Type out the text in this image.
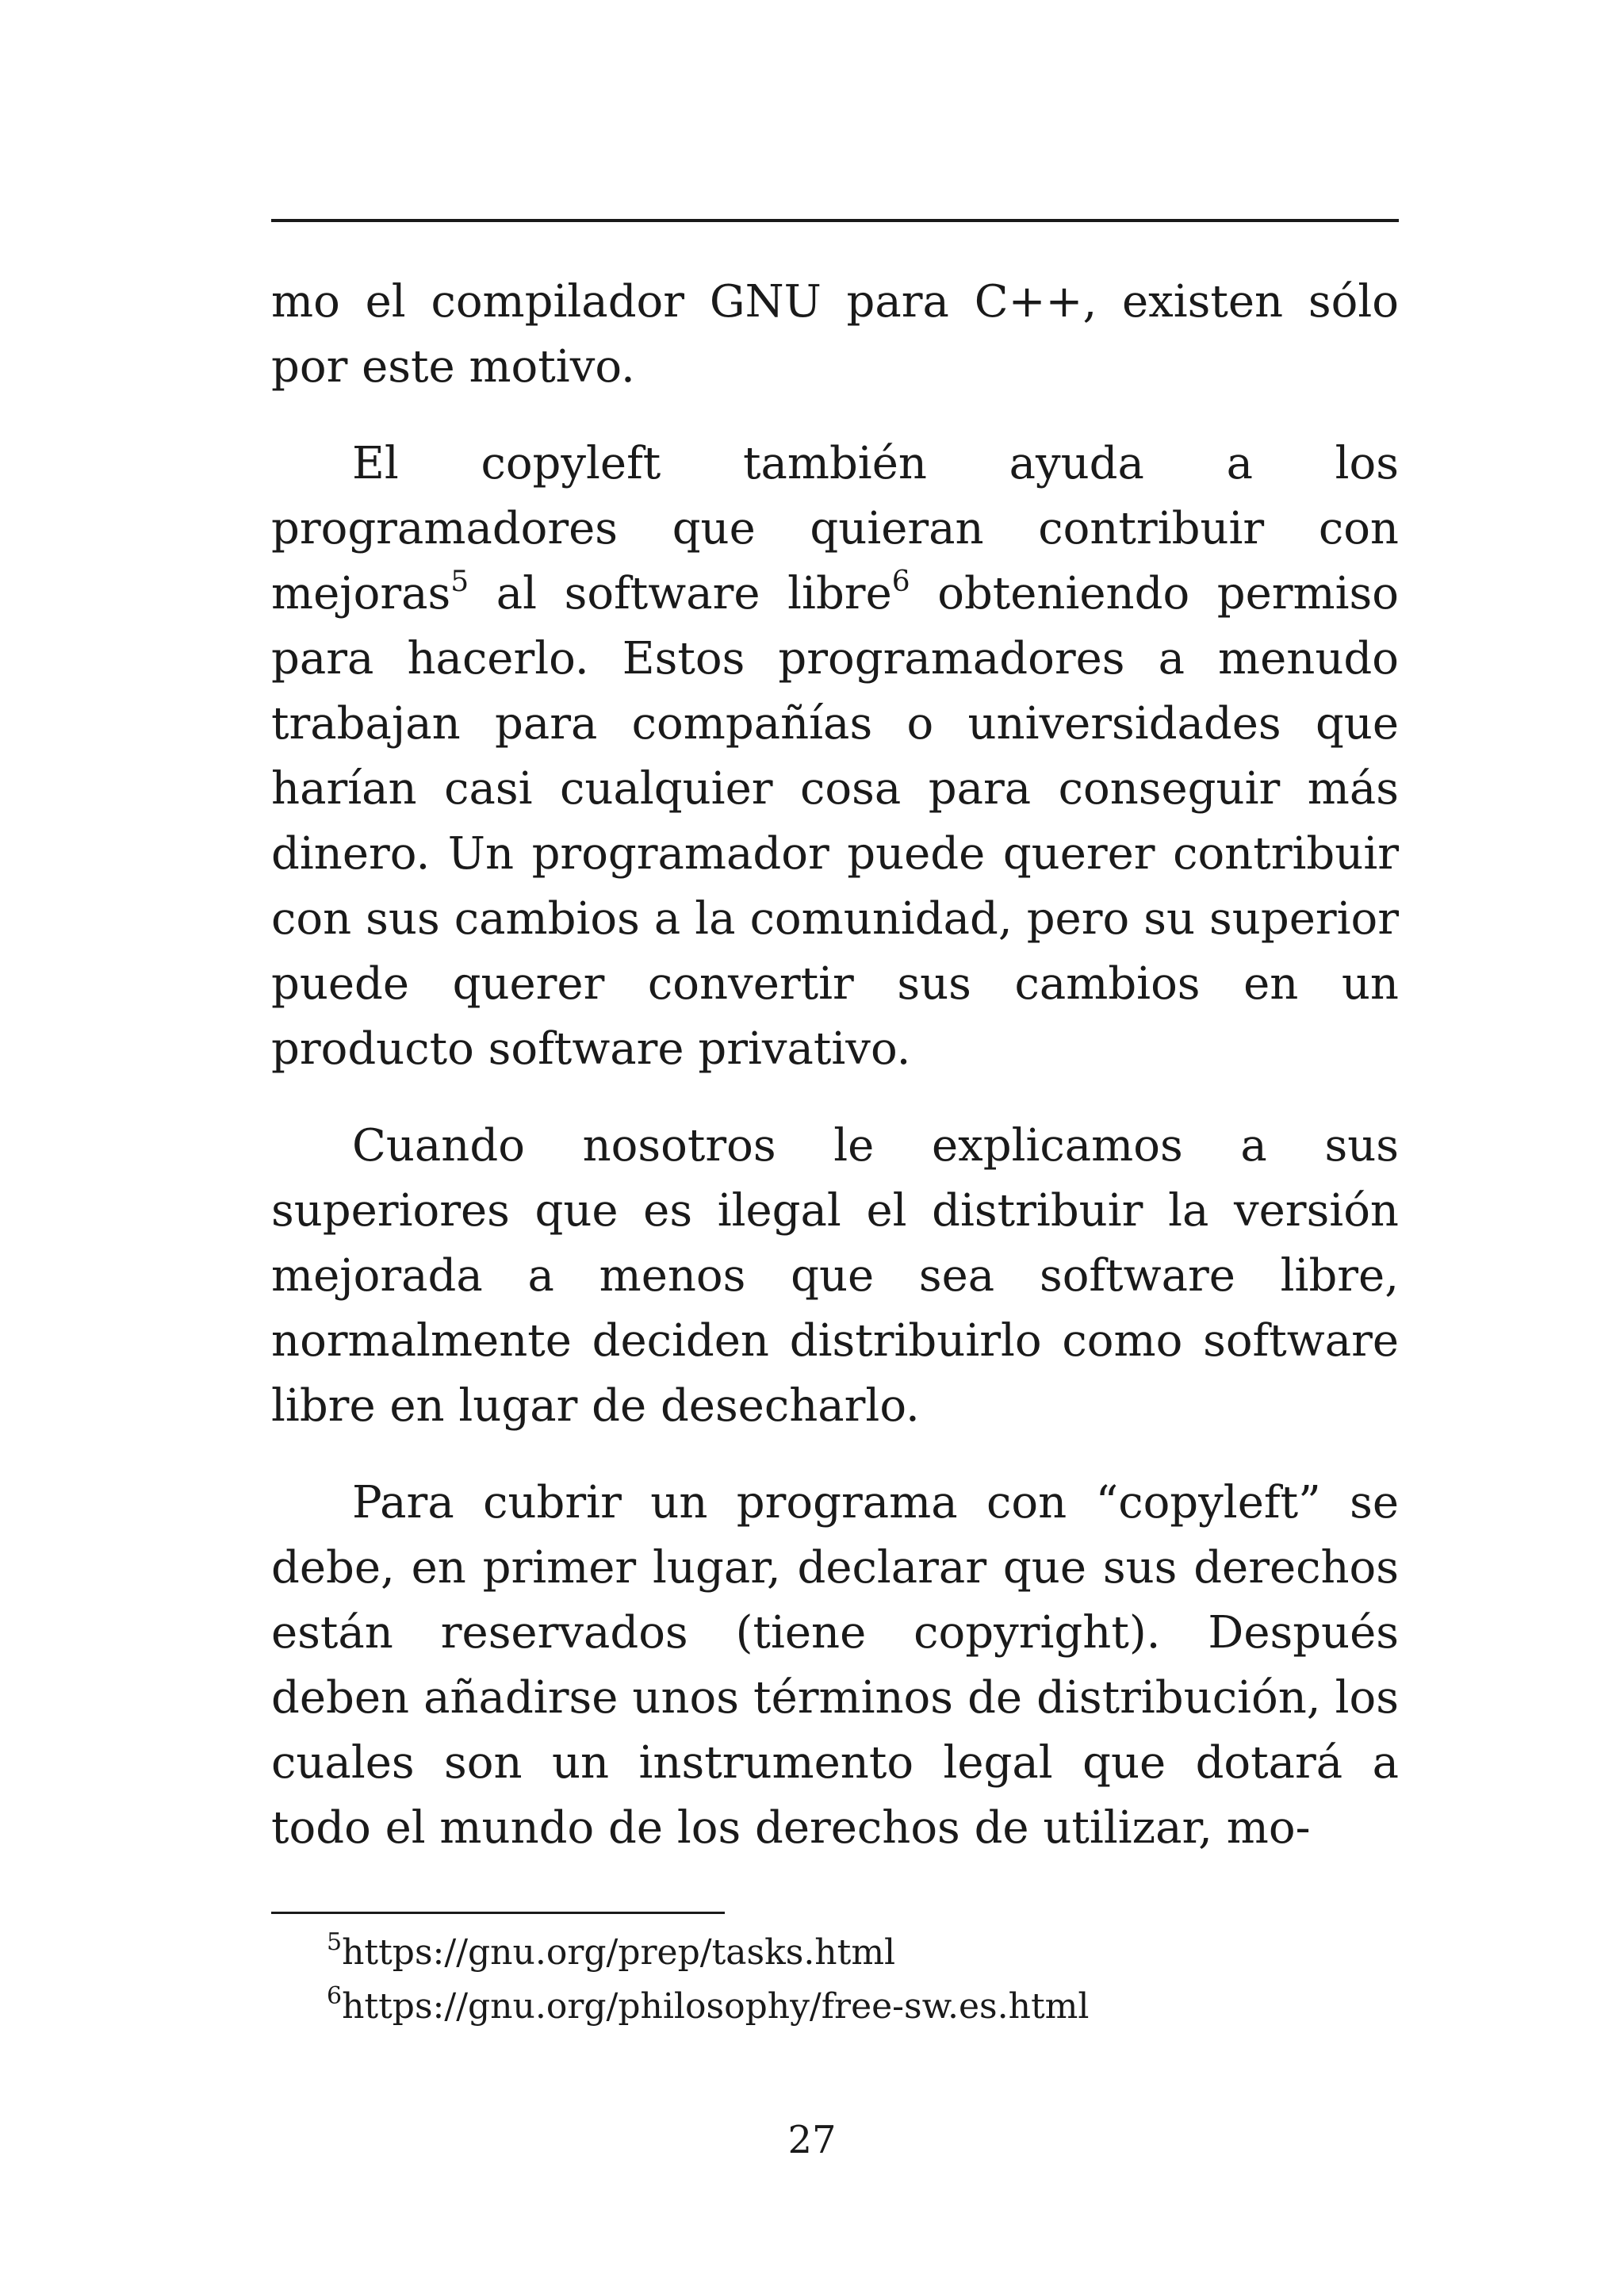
mo el compilador GNU para C++, existen sólo por este motivo.

El copyleft también ayuda a los programadores que quieran contribuir con mejoras$^5$ al software libre$^6$ obteniendo permiso para hacerlo. Estos programadores a menudo trabajan para compañías o universidades que harían casi cualquier cosa para conseguir más dinero. Un programador puede querer contribuir con sus cambios a la comunidad, pero su superior puede querer convertir sus cambios en un producto software privativo.

Cuando nosotros le explicamos a sus superiores que es ilegal el distribuir la versión mejorada a menos que sea software libre, normalmente deciden distribuirlo como software libre en lugar de desecharlo.

Para cubrir un programa con “copyleft” se debe, en primer lugar, declarar que sus derechos están reservados (tiene copyright). Después deben añadirse unos términos de distribución, los cuales son un instrumento legal que dotará a todo el mundo de los derechos de utilizar, mo-

$^5$https://gnu.org/prep/tasks.html

$^6$https://gnu.org/philosophy/free-sw.es.html

27
